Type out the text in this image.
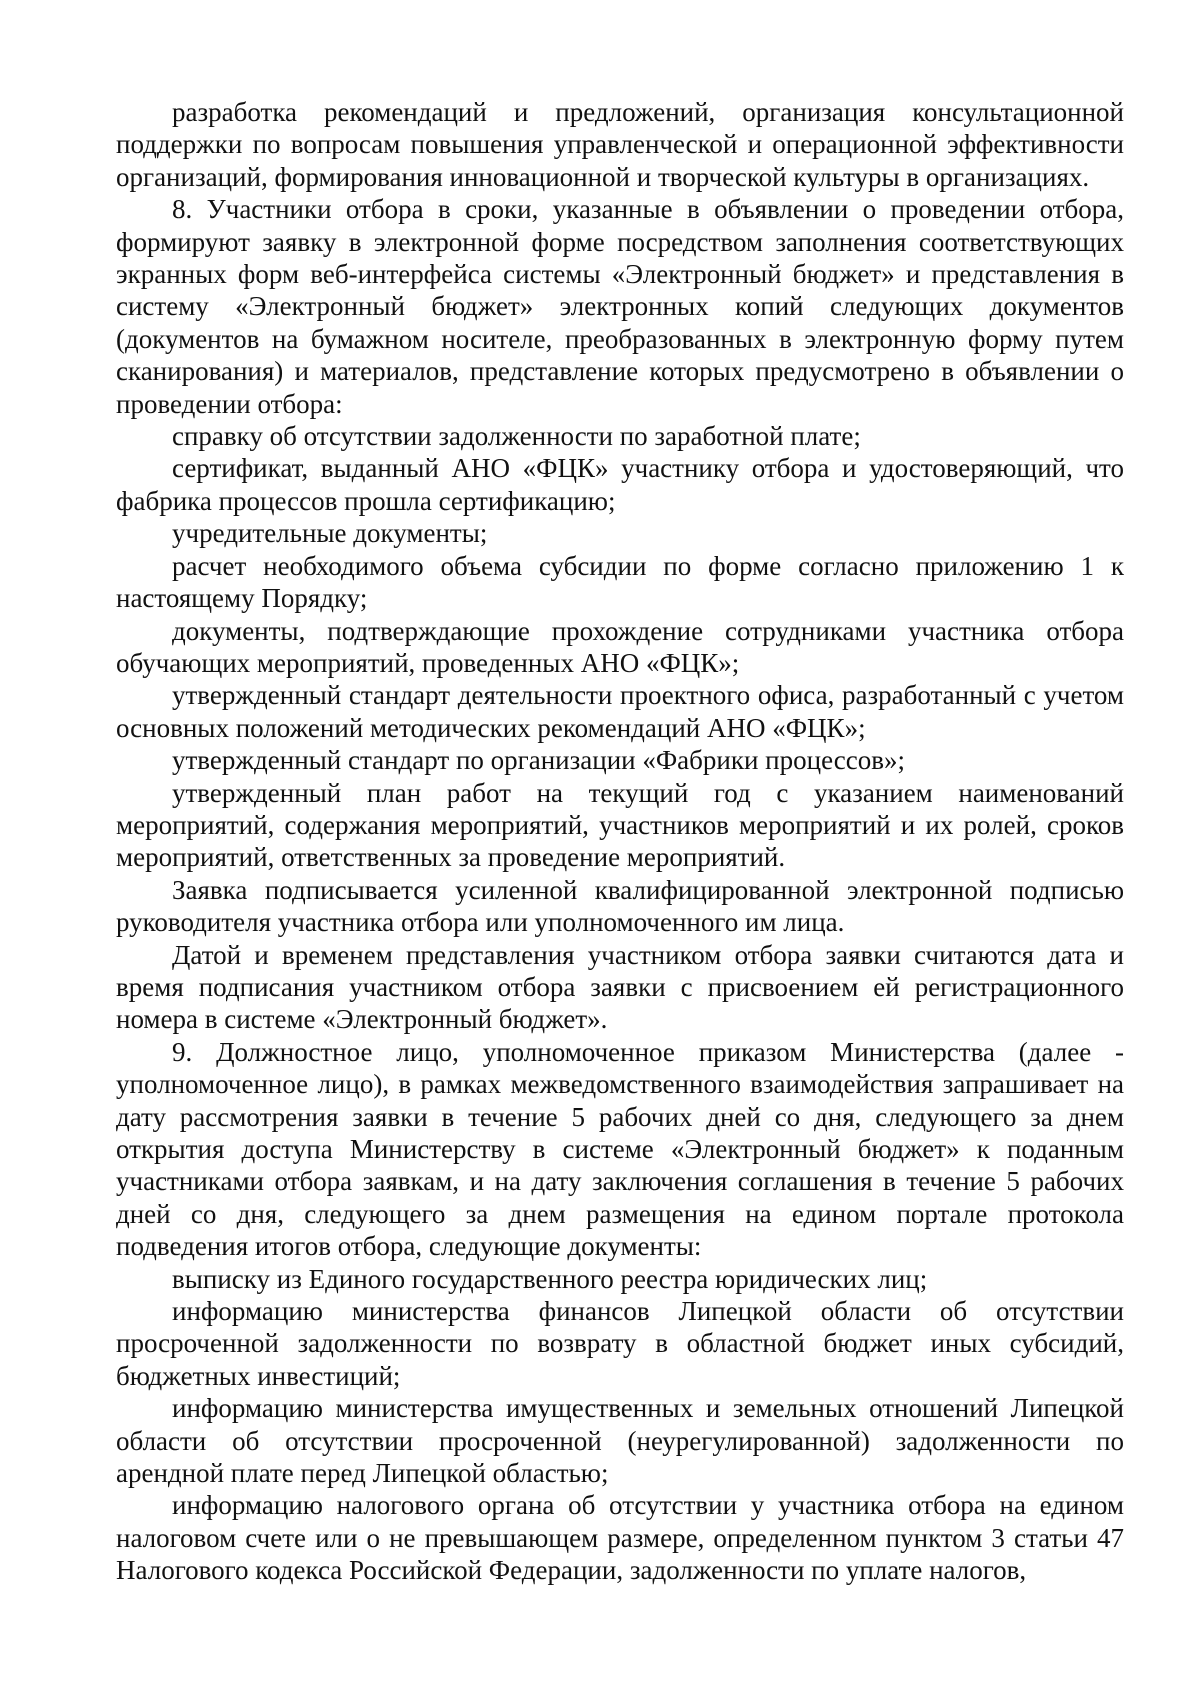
разработка рекомендаций и предложений, организация консультационной поддержки по вопросам повышения управленческой и операционной эффективности организаций, формирования инновационной и творческой культуры в организациях.

8. Участники отбора в сроки, указанные в объявлении о проведении отбора, формируют заявку в электронной форме посредством заполнения соответствующих экранных форм веб-интерфейса системы «Электронный бюджет» и представления в систему «Электронный бюджет» электронных копий следующих документов (документов на бумажном носителе, преобразованных в электронную форму путем сканирования) и материалов, представление которых предусмотрено в объявлении о проведении отбора:

справку об отсутствии задолженности по заработной плате;

сертификат, выданный АНО «ФЦК» участнику отбора и удостоверяющий, что фабрика процессов прошла сертификацию;

учредительные документы;

расчет необходимого объема субсидии по форме согласно приложению 1 к настоящему Порядку;

документы, подтверждающие прохождение сотрудниками участника отбора обучающих мероприятий, проведенных АНО «ФЦК»;

утвержденный стандарт деятельности проектного офиса, разработанный с учетом основных положений методических рекомендаций АНО «ФЦК»;

утвержденный стандарт по организации «Фабрики процессов»;

утвержденный план работ на текущий год с указанием наименований мероприятий, содержания мероприятий, участников мероприятий и их ролей, сроков мероприятий, ответственных за проведение мероприятий.

Заявка подписывается усиленной квалифицированной электронной подписью руководителя участника отбора или уполномоченного им лица.

Датой и временем представления участником отбора заявки считаются дата и время подписания участником отбора заявки с присвоением ей регистрационного номера в системе «Электронный бюджет».

9. Должностное лицо, уполномоченное приказом Министерства (далее - уполномоченное лицо), в рамках межведомственного взаимодействия запрашивает на дату рассмотрения заявки в течение 5 рабочих дней со дня, следующего за днем открытия доступа Министерству в системе «Электронный бюджет» к поданным участниками отбора заявкам, и на дату заключения соглашения в течение 5 рабочих дней со дня, следующего за днем размещения на едином портале протокола подведения итогов отбора, следующие документы:

выписку из Единого государственного реестра юридических лиц;

информацию министерства финансов Липецкой области об отсутствии просроченной задолженности по возврату в областной бюджет иных субсидий, бюджетных инвестиций;

информацию министерства имущественных и земельных отношений Липецкой области об отсутствии просроченной (неурегулированной) задолженности по арендной плате перед Липецкой областью;

информацию налогового органа об отсутствии у участника отбора на едином налоговом счете или о не превышающем размере, определенном пунктом 3 статьи 47 Налогового кодекса Российской Федерации, задолженности по уплате налогов,
